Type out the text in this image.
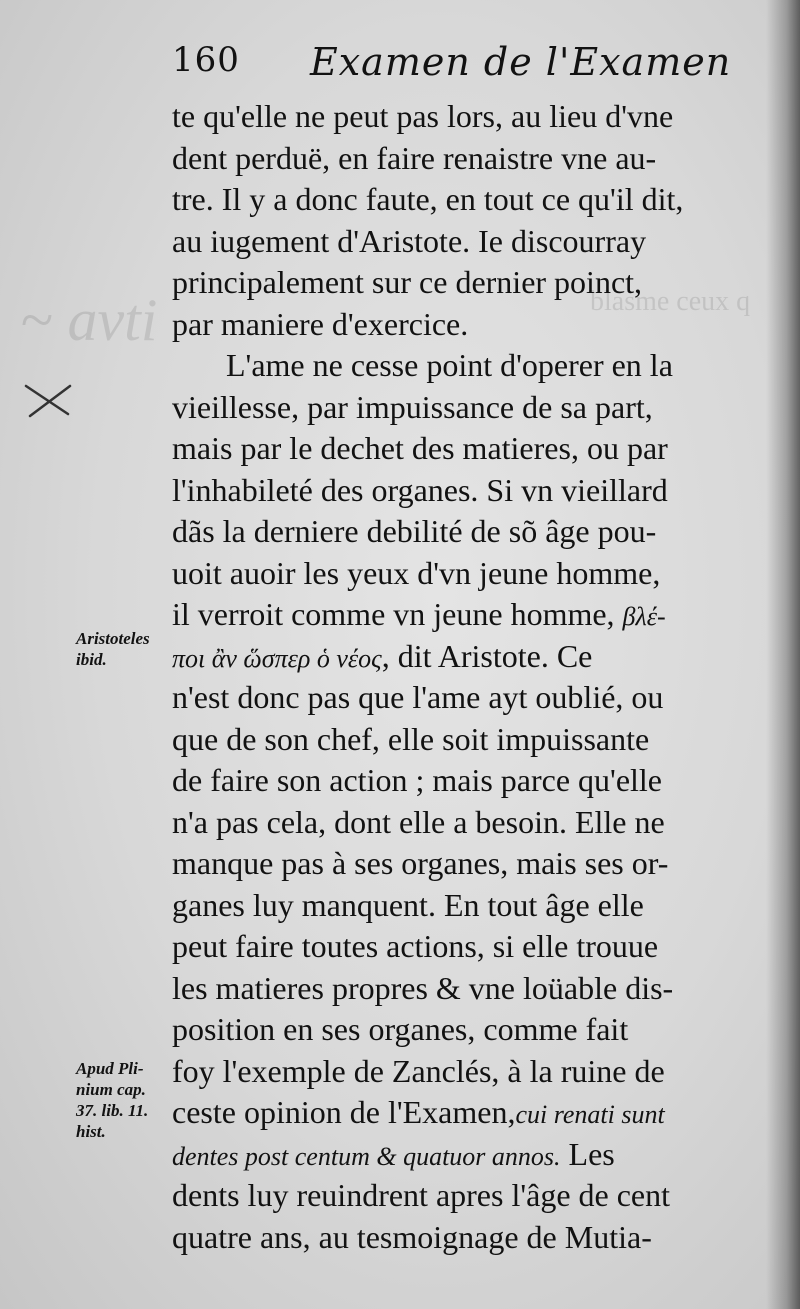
blasme ceux q
~ avti
160 Examen de l'Examen
te qu'elle ne peut pas lors, au lieu d'vne
dent perduë, en faire renaistre vne au-
tre. Il y a donc faute, en tout ce qu'il dit,
au iugement d'Aristote. Ie discourray
principalement sur ce dernier poinct,
par maniere d'exercice.
L'ame ne cesse point d'operer en la
vieillesse, par impuissance de sa part,
mais par le dechet des matieres, ou par
l'inhabileté des organes. Si vn vieillard
dãs la derniere debilité de sõ âge pou-
uoit auoir les yeux d'vn jeune homme,
il verroit comme vn jeune homme, βλέ-
ποι ἂν ὥσπερ ὁ νέος, dit Aristote. Ce
n'est donc pas que l'ame ayt oublié, ou
que de son chef, elle soit impuissante
de faire son action ; mais parce qu'elle
n'a pas cela, dont elle a besoin. Elle ne
manque pas à ses organes, mais ses or-
ganes luy manquent. En tout âge elle
peut faire toutes actions, si elle trouue
les matieres propres & vne loüable dis-
position en ses organes, comme fait
foy l'exemple de Zanclés, à la ruine de
ceste opinion de l'Examen,cui renati sunt
dentes post centum & quatuor annos. Les
dents luy reuindrent apres l'âge de cent
quatre ans, au tesmoignage de Mutia-
Aristoteles
ibid.
Apud Pli-
nium cap.
37. lib. 11.
hist.
